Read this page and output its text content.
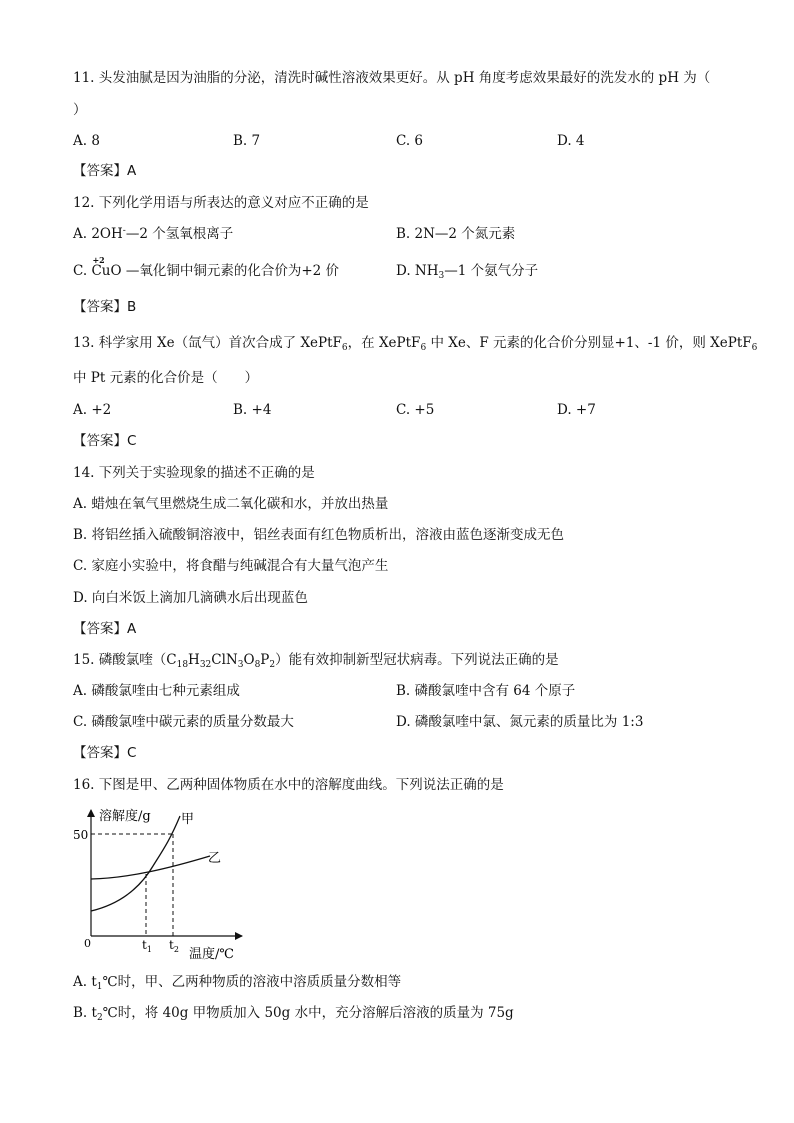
11. 头发油腻是因为油脂的分泌，清洗时碱性溶液效果更好。从 pH 角度考虑效果最好的洗发水的 pH 为（
）
A. 8	B. 7	C. 6	D. 4
【答案】A
12. 下列化学用语与所表达的意义对应不正确的是
A. 2OH-—2 个氢氧根离子	B. 2N—2 个氮元素
C.
+2
CuO —氧化铜中铜元素的化合价为+2 价	D. $NH_3—1$ 个氨气分子
【答案】B
13. 科学家用 Xe（氙气）首次合成了 XePtF$_6$，在 XePtF$_6$ 中 Xe、F 元素的化合价分别显+1、-1 价，则 XePtF$_6$
中 Pt 元素的化合价是（　　）
A. +2	B. +4	C. +5	D. +7
【答案】C
14. 下列关于实验现象的描述不正确的是
A. 蜡烛在氧气里燃烧生成二氧化碳和水，并放出热量
B. 将铝丝插入硫酸铜溶液中，铝丝表面有红色物质析出，溶液由蓝色逐渐变成无色
C. 家庭小实验中，将食醋与纯碱混合有大量气泡产生
D. 向白米饭上滴加几滴碘水后出现蓝色
【答案】A
15. 磷酸氯喹$(C_{18}H_{32}ClN_3O_8P_2)$能有效抑制新型冠状病毒。下列说法正确的是
A. 磷酸氯喹由七种元素组成	B. 磷酸氯喹中含有 64 个原子
C. 磷酸氯喹中碳元素的质量分数最大	D. 磷酸氯喹中氯、氮元素的质量比为 1:3
【答案】C
16. 下图是甲、乙两种固体物质在水中的溶解度曲线。下列说法正确的是
溶解度/g
50
0
甲
乙
$t_1$ $t_2$ 温度/℃
A. $t_1℃$时，甲、乙两种物质的溶液中溶质质量分数相等
B. $t_2℃$时，将 40g 甲物质加入 50g 水中，充分溶解后溶液的质量为 75g
